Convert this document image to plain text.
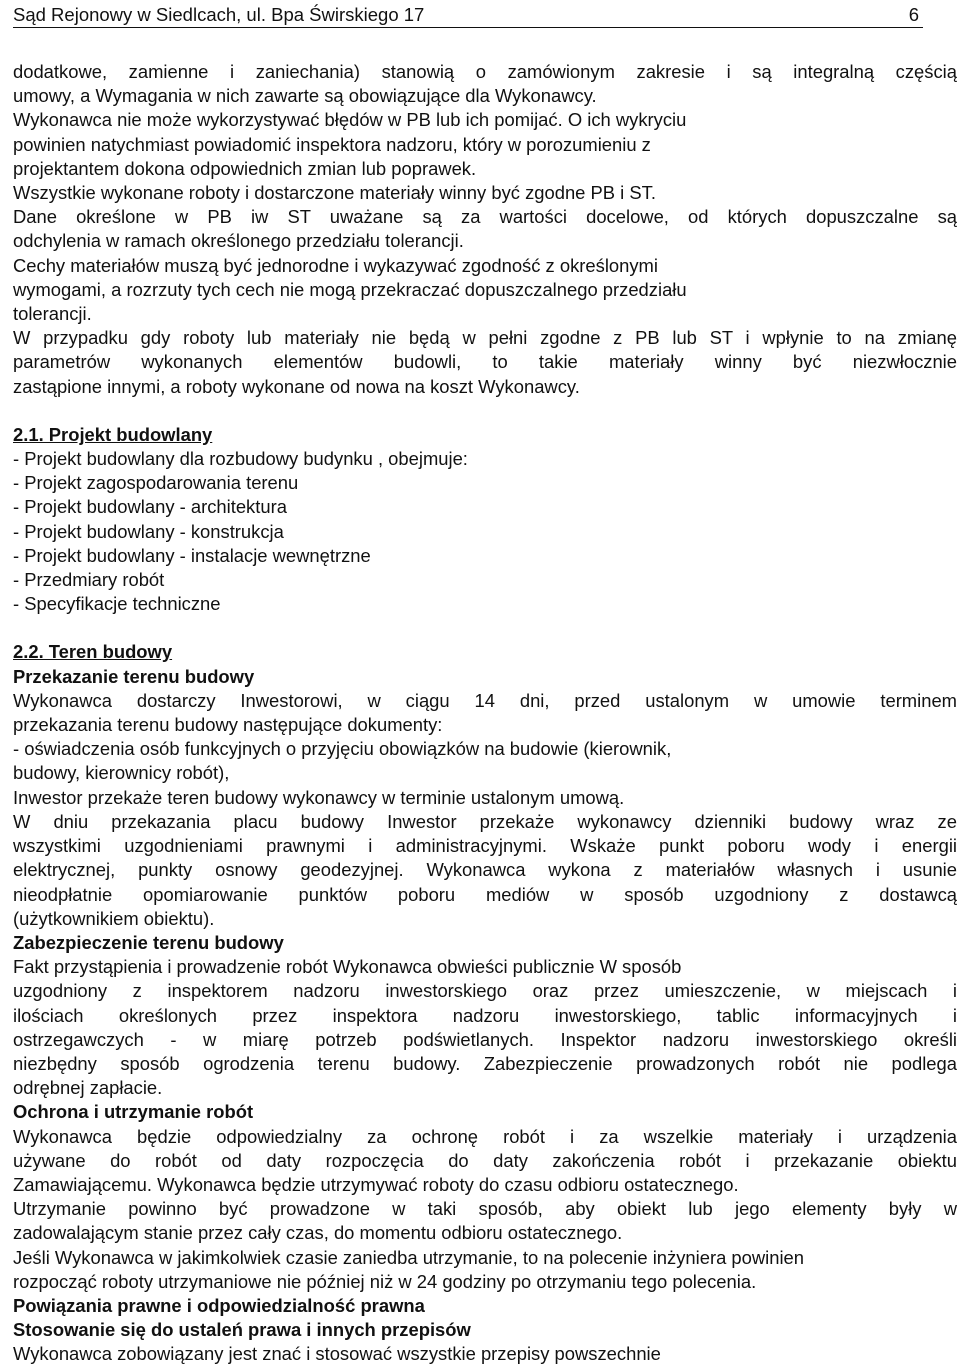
Sąd Rejonowy w Siedlcach, ul. Bpa Świrskiego 17	6

dodatkowe, zamienne i zaniechania) stanowią o zamówionym zakresie i są integralną częścią

umowy, a Wymagania w nich zawarte są obowiązujące dla Wykonawcy.

Wykonawca nie może wykorzystywać błędów w PB lub ich pomijać. O ich wykryciu

powinien natychmiast powiadomić inspektora nadzoru, który w porozumieniu z

projektantem dokona odpowiednich zmian lub poprawek.

Wszystkie wykonane roboty i dostarczone materiały winny być zgodne PB i ST.

Dane określone w PB iw ST uważane są za wartości docelowe, od których dopuszczalne są

odchylenia w ramach określonego przedziału tolerancji.

Cechy materiałów muszą być jednorodne i wykazywać zgodność z określonymi

wymogami, a rozrzuty tych cech nie mogą przekraczać dopuszczalnego przedziału

tolerancji.

W przypadku gdy roboty lub materiały nie będą w pełni zgodne z PB lub ST i wpłynie to na zmianę

parametrów wykonanych elementów budowli, to takie materiały winny być niezwłocznie

zastąpione innymi, a roboty wykonane od nowa na koszt Wykonawcy.

2.1. Projekt budowlany

- Projekt budowlany dla rozbudowy budynku , obejmuje:

- Projekt zagospodarowania terenu

- Projekt budowlany - architektura

- Projekt budowlany - konstrukcja

- Projekt budowlany - instalacje wewnętrzne

- Przedmiary robót

- Specyfikacje techniczne

2.2. Teren budowy

Przekazanie terenu budowy

Wykonawca dostarczy Inwestorowi, w ciągu 14 dni, przed ustalonym w umowie terminem

przekazania terenu budowy następujące dokumenty:

- oświadczenia osób funkcyjnych o przyjęciu obowiązków na budowie (kierownik,

budowy, kierownicy robót),

Inwestor przekaże teren budowy wykonawcy w terminie ustalonym umową.

W dniu przekazania placu budowy Inwestor przekaże wykonawcy dzienniki budowy wraz ze

wszystkimi uzgodnieniami prawnymi i administracyjnymi. Wskaże punkt poboru wody i energii

elektrycznej, punkty osnowy geodezyjnej. Wykonawca wykona z materiałów własnych i usunie

nieodpłatnie opomiarowanie punktów poboru mediów w sposób uzgodniony z dostawcą

(użytkownikiem obiektu).

Zabezpieczenie terenu budowy

Fakt przystąpienia i prowadzenie robót Wykonawca obwieści publicznie W sposób

uzgodniony z inspektorem nadzoru inwestorskiego oraz przez umieszczenie, w miejscach i

ilościach określonych przez inspektora nadzoru inwestorskiego, tablic informacyjnych i

ostrzegawczych - w miarę potrzeb podświetlanych. Inspektor nadzoru inwestorskiego określi

niezbędny sposób ogrodzenia terenu budowy. Zabezpieczenie prowadzonych robót nie podlega

odrębnej zapłacie.

Ochrona i utrzymanie robót

Wykonawca będzie odpowiedzialny za ochronę robót i za wszelkie materiały i urządzenia

używane do robót od daty rozpoczęcia do daty zakończenia robót i przekazanie obiektu

Zamawiającemu. Wykonawca będzie utrzymywać roboty do czasu odbioru ostatecznego.

Utrzymanie powinno być prowadzone w taki sposób, aby obiekt lub jego elementy były w

zadowalającym stanie przez cały czas, do momentu odbioru ostatecznego.

Jeśli Wykonawca w jakimkolwiek czasie zaniedba utrzymanie, to na polecenie inżyniera powinien

rozpocząć roboty utrzymaniowe nie później niż w 24 godziny po otrzymaniu tego polecenia.

Powiązania prawne i odpowiedzialność prawna

Stosowanie się do ustaleń prawa i innych przepisów

Wykonawca zobowiązany jest znać i stosować wszystkie przepisy powszechnie
